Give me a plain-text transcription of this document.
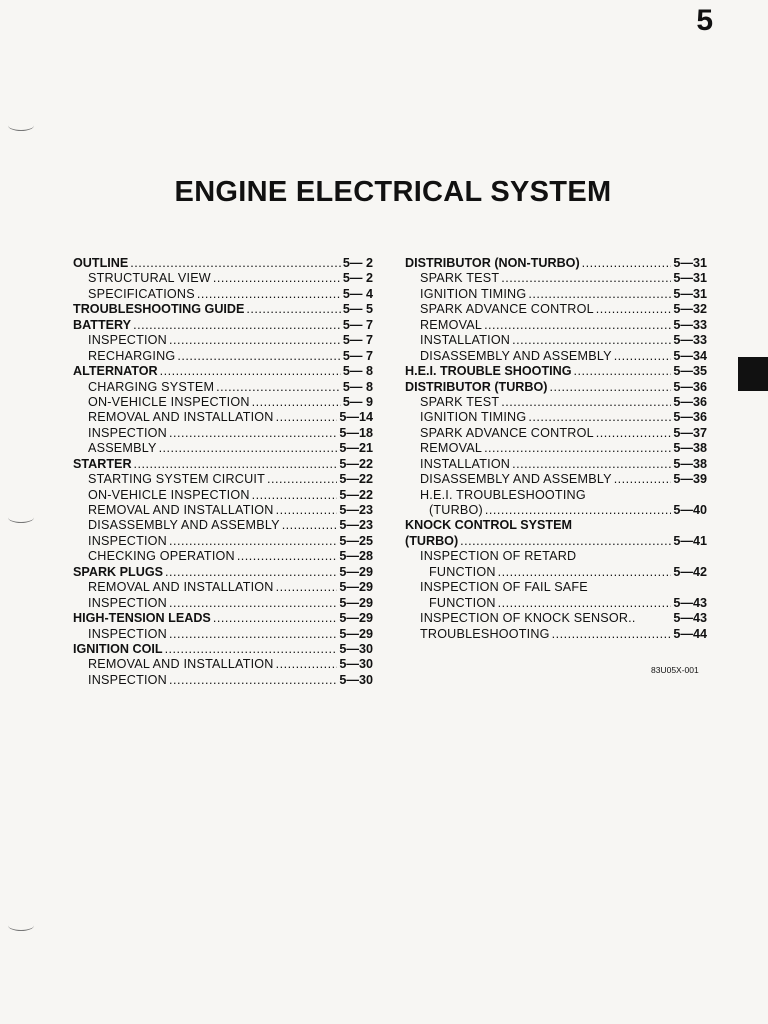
5
ENGINE ELECTRICAL SYSTEM
OUTLINE .....	5— 2
STRUCTURAL VIEW .....	5— 2
SPECIFICATIONS .....	5— 4
TROUBLESHOOTING GUIDE .....	5— 5
BATTERY .....	5— 7
INSPECTION .....	5— 7
RECHARGING .....	5— 7
ALTERNATOR .....	5— 8
CHARGING SYSTEM .....	5— 8
ON-VEHICLE INSPECTION .....	5— 9
REMOVAL AND INSTALLATION .....	5—14
INSPECTION .....	5—18
ASSEMBLY .....	5—21
STARTER .....	5—22
STARTING SYSTEM CIRCUIT .....	5—22
ON-VEHICLE INSPECTION .....	5—22
REMOVAL AND INSTALLATION .....	5—23
DISASSEMBLY AND ASSEMBLY .....	5—23
INSPECTION .....	5—25
CHECKING OPERATION .....	5—28
SPARK PLUGS .....	5—29
REMOVAL AND INSTALLATION .....	5—29
INSPECTION .....	5—29
HIGH-TENSION LEADS .....	5—29
INSPECTION .....	5—29
IGNITION COIL .....	5—30
REMOVAL AND INSTALLATION .....	5—30
INSPECTION .....	5—30
DISTRIBUTOR (NON-TURBO) .....	5—31
SPARK TEST .....	5—31
IGNITION TIMING .....	5—31
SPARK ADVANCE CONTROL .....	5—32
REMOVAL .....	5—33
INSTALLATION .....	5—33
DISASSEMBLY AND ASSEMBLY .....	5—34
H.E.I. TROUBLE SHOOTING .....	5—35
DISTRIBUTOR (TURBO) .....	5—36
SPARK TEST .....	5—36
IGNITION TIMING .....	5—36
SPARK ADVANCE CONTROL .....	5—37
REMOVAL .....	5—38
INSTALLATION .....	5—38
DISASSEMBLY AND ASSEMBLY .....	5—39
H.E.I. TROUBLESHOOTING
(TURBO) .....	5—40
KNOCK CONTROL SYSTEM
(TURBO) .....	5—41
INSPECTION OF RETARD
FUNCTION .....	5—42
INSPECTION OF FAIL SAFE
FUNCTION .....	5—43
INSPECTION OF KNOCK SENSOR..	5—43
TROUBLESHOOTING .....	5—44
83U05X-001
